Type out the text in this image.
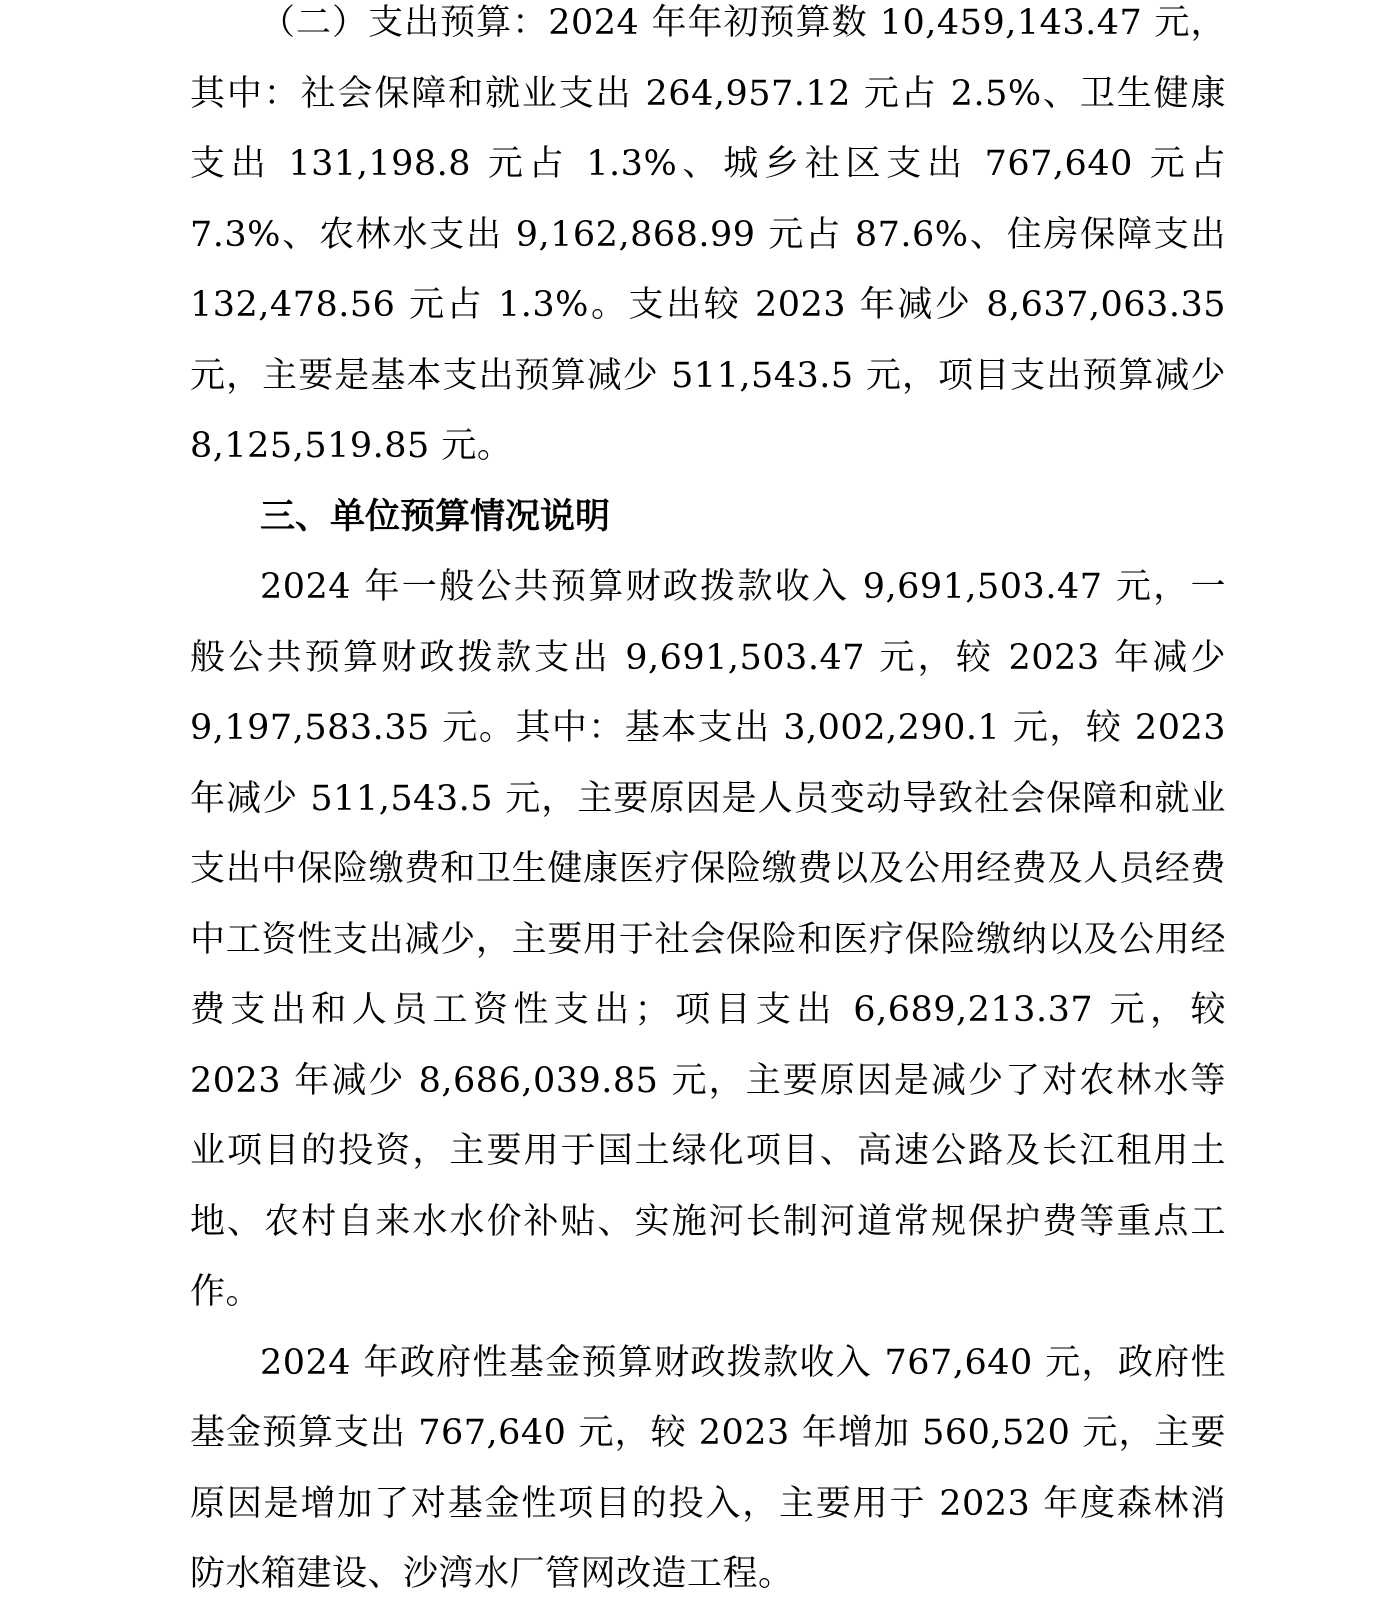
（二）支出预算：2024 年年初预算数 10,459,143.47 元，其中：社会保障和就业支出 264,957.12 元占 2.5%、卫生健康支出 131,198.8 元占 1.3%、城乡社区支出 767,640 元占 7.3%、农林水支出 9,162,868.99 元占 87.6%、住房保障支出 132,478.56 元占 1.3%。支出较 2023 年减少 8,637,063.35 元，主要是基本支出预算减少 511,543.5 元，项目支出预算减少 8,125,519.85 元。

三、单位预算情况说明

2024 年一般公共预算财政拨款收入 9,691,503.47 元，一般公共预算财政拨款支出 9,691,503.47 元，较 2023 年减少 9,197,583.35 元。其中：基本支出 3,002,290.1 元，较 2023 年减少 511,543.5 元，主要原因是人员变动导致社会保障和就业支出中保险缴费和卫生健康医疗保险缴费以及公用经费及人员经费中工资性支出减少，主要用于社会保险和医疗保险缴纳以及公用经费支出和人员工资性支出；项目支出 6,689,213.37 元，较 2023 年减少 8,686,039.85 元，主要原因是减少了对农林水等业项目的投资，主要用于国土绿化项目、高速公路及长江租用土地、农村自来水水价补贴、实施河长制河道常规保护费等重点工作。

2024 年政府性基金预算财政拨款收入 767,640 元，政府性基金预算支出 767,640 元，较 2023 年增加 560,520 元，主要原因是增加了对基金性项目的投入，主要用于 2023 年度森林消防水箱建设、沙湾水厂管网改造工程。
